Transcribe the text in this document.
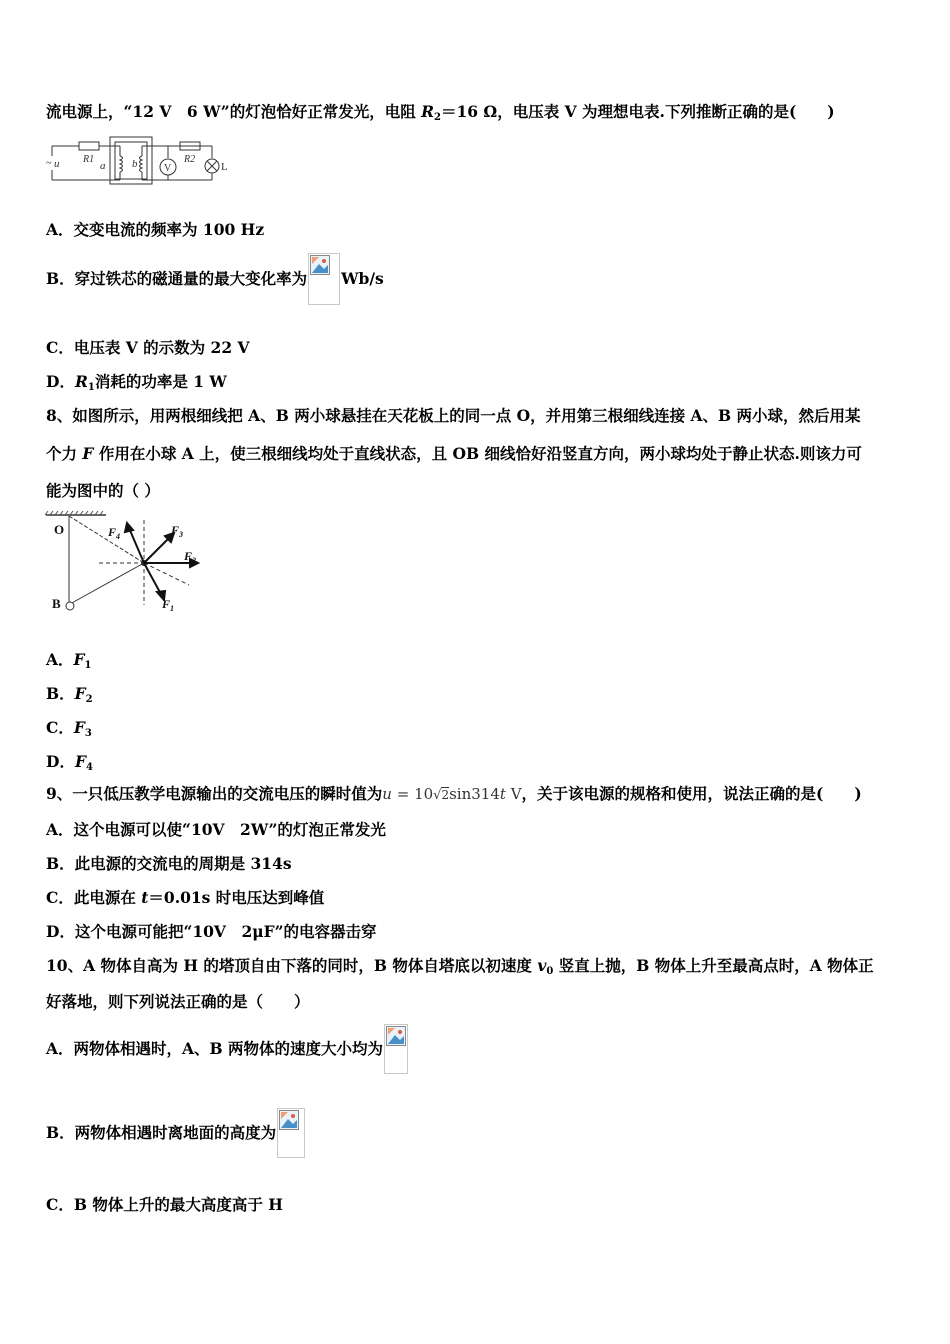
流电源上，“12 V　6 W”的灯泡恰好正常发光，电阻 $R_2=16$ Ω，电压表 V 为理想电表.下列推断正确的是(　　)
~ u R1
a b	V
R2
L
A．交变电流的频率为 100 Hz
B．穿过铁芯的磁通量的最大变化率为 Wb/s
C．电压表 V 的示数为 22 V
D．$R_1$消耗的功率是 1 W
8、如图所示，用两根细线把 A、B 两小球悬挂在天花板上的同一点 O，并用第三根细线连接 A、B 两小球，然后用某
个力 F 作用在小球 A 上，使三根细线均处于直线状态，且 OB 细线恰好沿竖直方向，两小球均处于静止状态.则该力可
能为图中的（ ）
O
B
$F_4$	$F_3$
$F_2$
$F_1$
A．$F_1$
B．$F_2$
C．$F_3$
D．$F_4$
9、一只低压教学电源输出的交流电压的瞬时值为u = 10√2sin314t V，关于该电源的规格和使用，说法正确的是(　　)
A．这个电源可以使“10V　2W”的灯泡正常发光
B．此电源的交流电的周期是 314s
C．此电源在 t＝0.01s 时电压达到峰值
D．这个电源可能把“10V　2μF”的电容器击穿
10、A 物体自高为 H 的塔顶自由下落的同时，B 物体自塔底以初速度 $v_0$ 竖直上抛，B 物体上升至最高点时，A 物体正
好落地，则下列说法正确的是（　　）
A．两物体相遇时，A、B 两物体的速度大小均为
B．两物体相遇时离地面的高度为
C．B 物体上升的最大高度高于 H
